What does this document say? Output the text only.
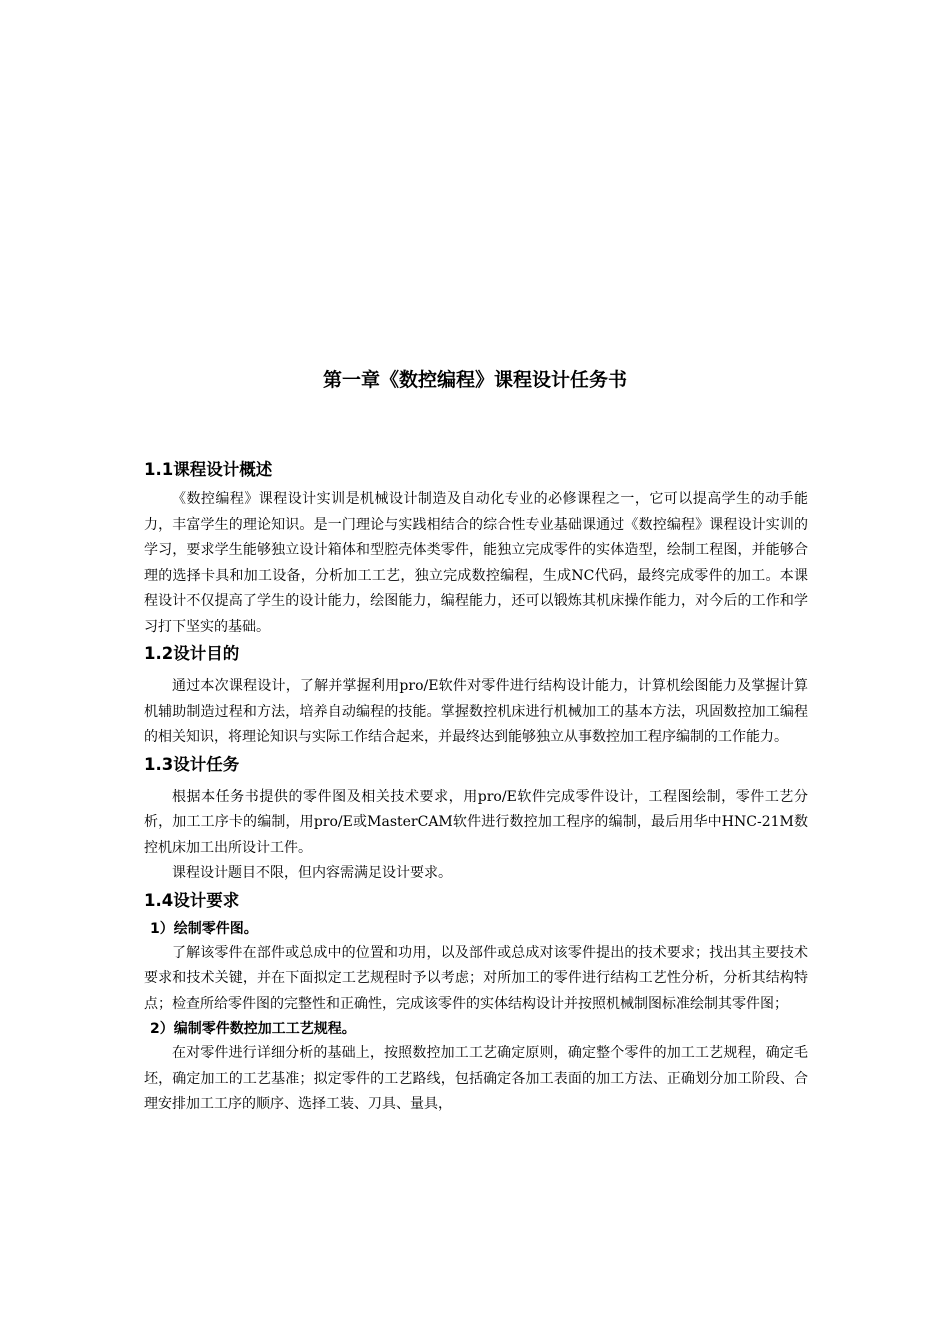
第一章《数控编程》课程设计任务书
1.1课程设计概述

《数控编程》课程设计实训是机械设计制造及自动化专业的必修课程之一，它可以提高学生的动手能力，丰富学生的理论知识。是一门理论与实践相结合的综合性专业基础课通过《数控编程》课程设计实训的学习，要求学生能够独立设计箱体和型腔壳体类零件，能独立完成零件的实体造型，绘制工程图，并能够合理的选择卡具和加工设备，分析加工工艺，独立完成数控编程，生成NC代码，最终完成零件的加工。本课程设计不仅提高了学生的设计能力，绘图能力，编程能力，还可以锻炼其机床操作能力，对今后的工作和学习打下坚实的基础。

1.2设计目的

通过本次课程设计，了解并掌握利用pro/E软件对零件进行结构设计能力，计算机绘图能力及掌握计算机辅助制造过程和方法，培养自动编程的技能。掌握数控机床进行机械加工的基本方法，巩固数控加工编程的相关知识，将理论知识与实际工作结合起来，并最终达到能够独立从事数控加工程序编制的工作能力。

1.3设计任务

根据本任务书提供的零件图及相关技术要求，用pro/E软件完成零件设计，工程图绘制，零件工艺分析，加工工序卡的编制，用pro/E或MasterCAM软件进行数控加工程序的编制，最后用华中HNC-21M数控机床加工出所设计工件。

课程设计题目不限，但内容需满足设计要求。

1.4设计要求
1）绘制零件图。

了解该零件在部件或总成中的位置和功用，以及部件或总成对该零件提出的技术要求；找出其主要技术要求和技术关键，并在下面拟定工艺规程时予以考虑；对所加工的零件进行结构工艺性分析，分析其结构特点；检查所给零件图的完整性和正确性，完成该零件的实体结构设计并按照机械制图标准绘制其零件图；

2）编制零件数控加工工艺规程。

在对零件进行详细分析的基础上，按照数控加工工艺确定原则，确定整个零件的加工工艺规程，确定毛坯，确定加工的工艺基准；拟定零件的工艺路线，包括确定各加工表面的加工方法、正确划分加工阶段、合理安排加工工序的顺序、选择工装、刀具、量具，
